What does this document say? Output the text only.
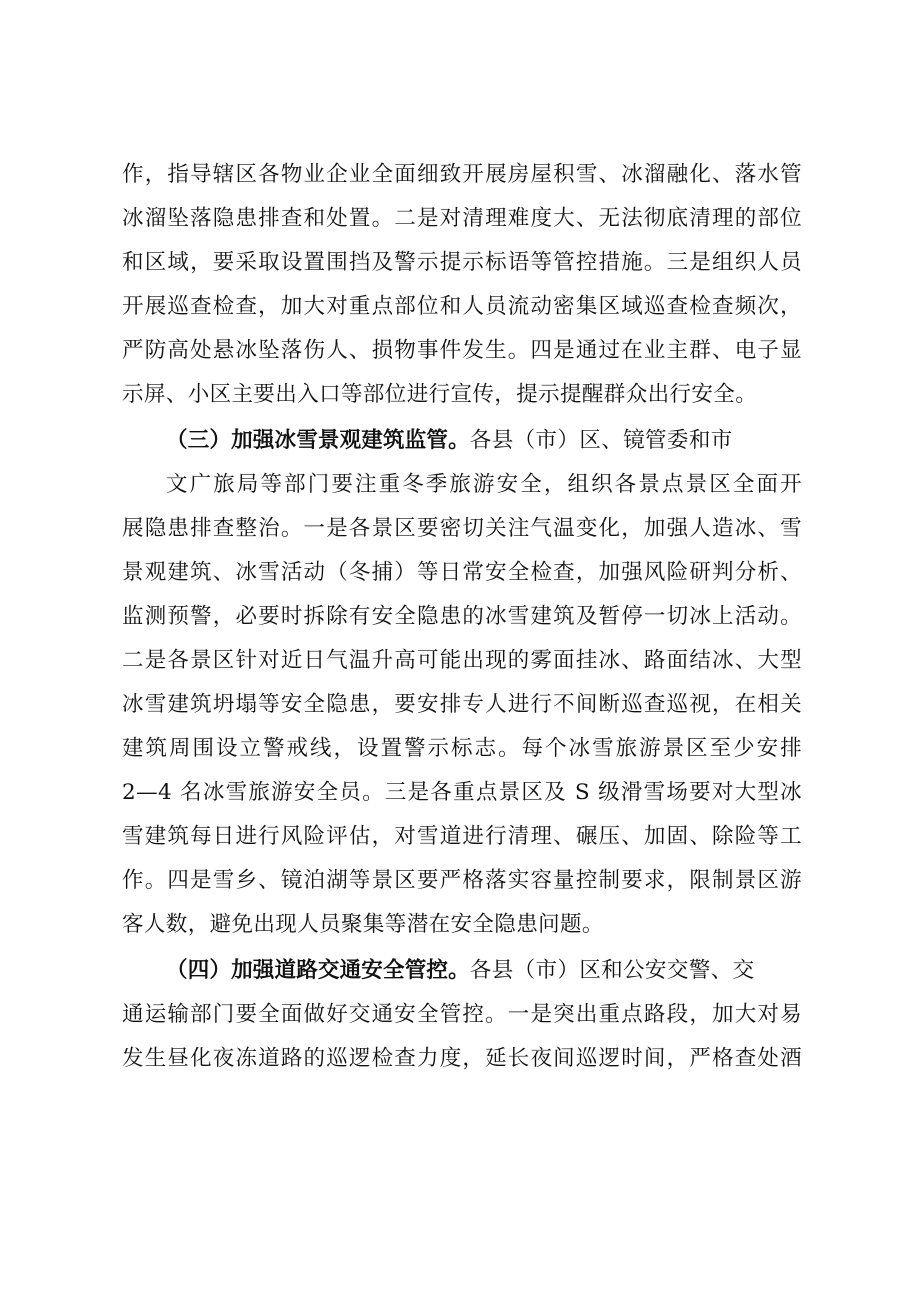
作，指导辖区各物业企业全面细致开展房屋积雪、冰溜融化、落水管
冰溜坠落隐患排查和处置。二是对清理难度大、无法彻底清理的部位
和区域，要采取设置围挡及警示提示标语等管控措施。三是组织人员
开展巡查检查，加大对重点部位和人员流动密集区域巡查检查频次，
严防高处悬冰坠落伤人、损物事件发生。四是通过在业主群、电子显
示屏、小区主要出入口等部位进行宣传，提示提醒群众出行安全。
（三）加强冰雪景观建筑监管。各县（市）区、镜管委和市
文广旅局等部门要注重冬季旅游安全，组织各景点景区全面开
展隐患排查整治。一是各景区要密切关注气温变化，加强人造冰、雪
景观建筑、冰雪活动（冬捕）等日常安全检查，加强风险研判分析、
监测预警，必要时拆除有安全隐患的冰雪建筑及暂停一切冰上活动。
二是各景区针对近日气温升高可能出现的雾面挂冰、路面结冰、大型
冰雪建筑坍塌等安全隐患，要安排专人进行不间断巡查巡视，在相关
建筑周围设立警戒线，设置警示标志。每个冰雪旅游景区至少安排
2—4 名冰雪旅游安全员。三是各重点景区及 S 级滑雪场要对大型冰
雪建筑每日进行风险评估，对雪道进行清理、碾压、加固、除险等工
作。四是雪乡、镜泊湖等景区要严格落实容量控制要求，限制景区游
客人数，避免出现人员聚集等潜在安全隐患问题。
（四）加强道路交通安全管控。各县（市）区和公安交警、交
通运输部门要全面做好交通安全管控。一是突出重点路段，加大对易
发生昼化夜冻道路的巡逻检查力度，延长夜间巡逻时间，严格查处酒
